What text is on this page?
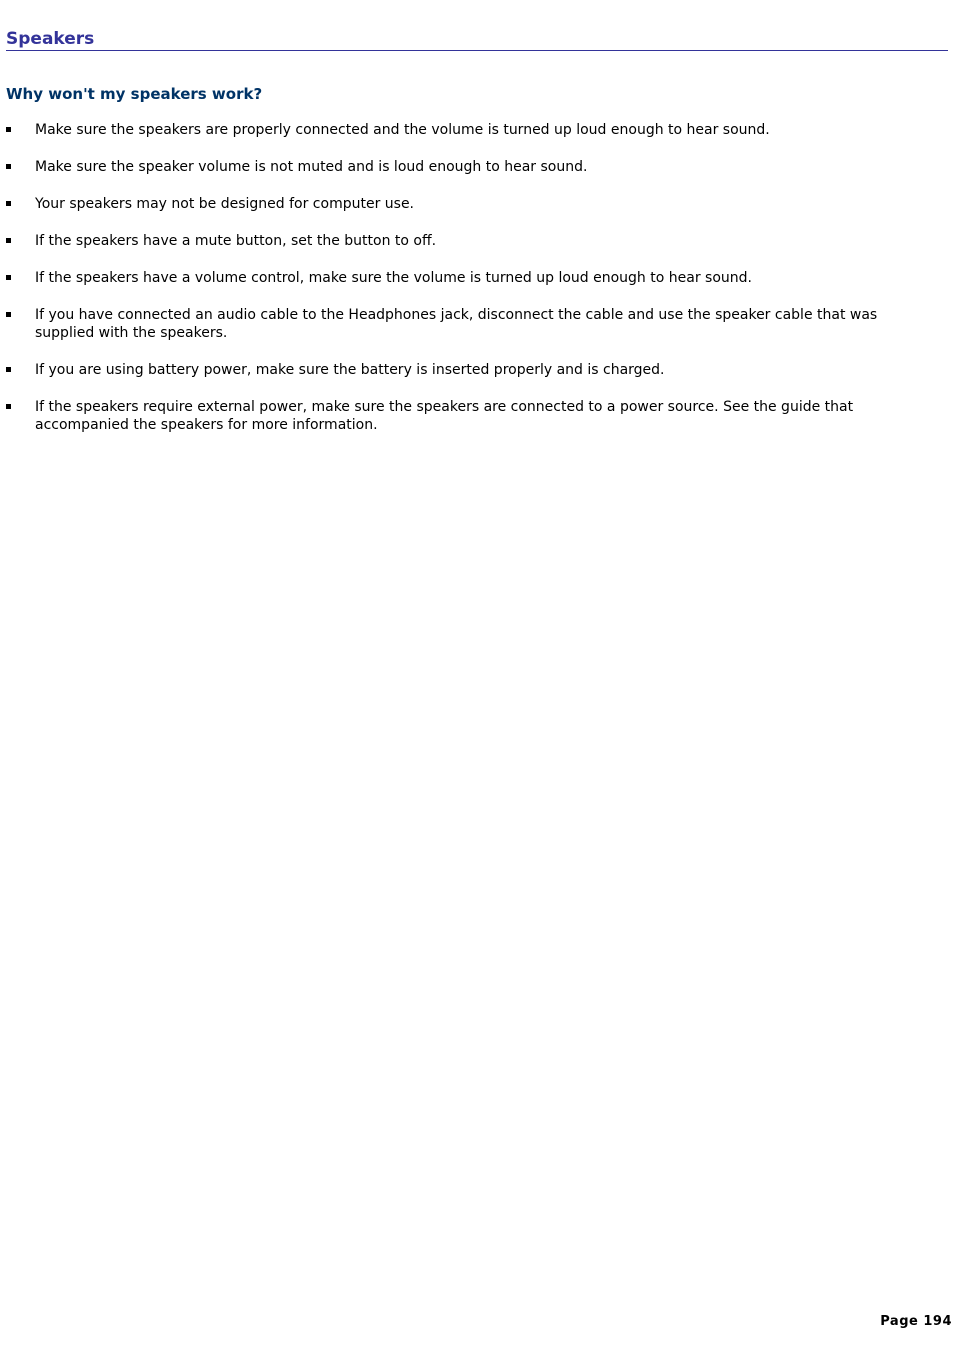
Speakers
Why won't my speakers work?
Make sure the speakers are properly connected and the volume is turned up loud enough to hear sound.
Make sure the speaker volume is not muted and is loud enough to hear sound.
Your speakers may not be designed for computer use.
If the speakers have a mute button, set the button to off.
If the speakers have a volume control, make sure the volume is turned up loud enough to hear sound.
If you have connected an audio cable to the Headphones jack, disconnect the cable and use the speaker cable that was supplied with the speakers.
If you are using battery power, make sure the battery is inserted properly and is charged.
If the speakers require external power, make sure the speakers are connected to a power source. See the guide that accompanied the speakers for more information.
Page 194
